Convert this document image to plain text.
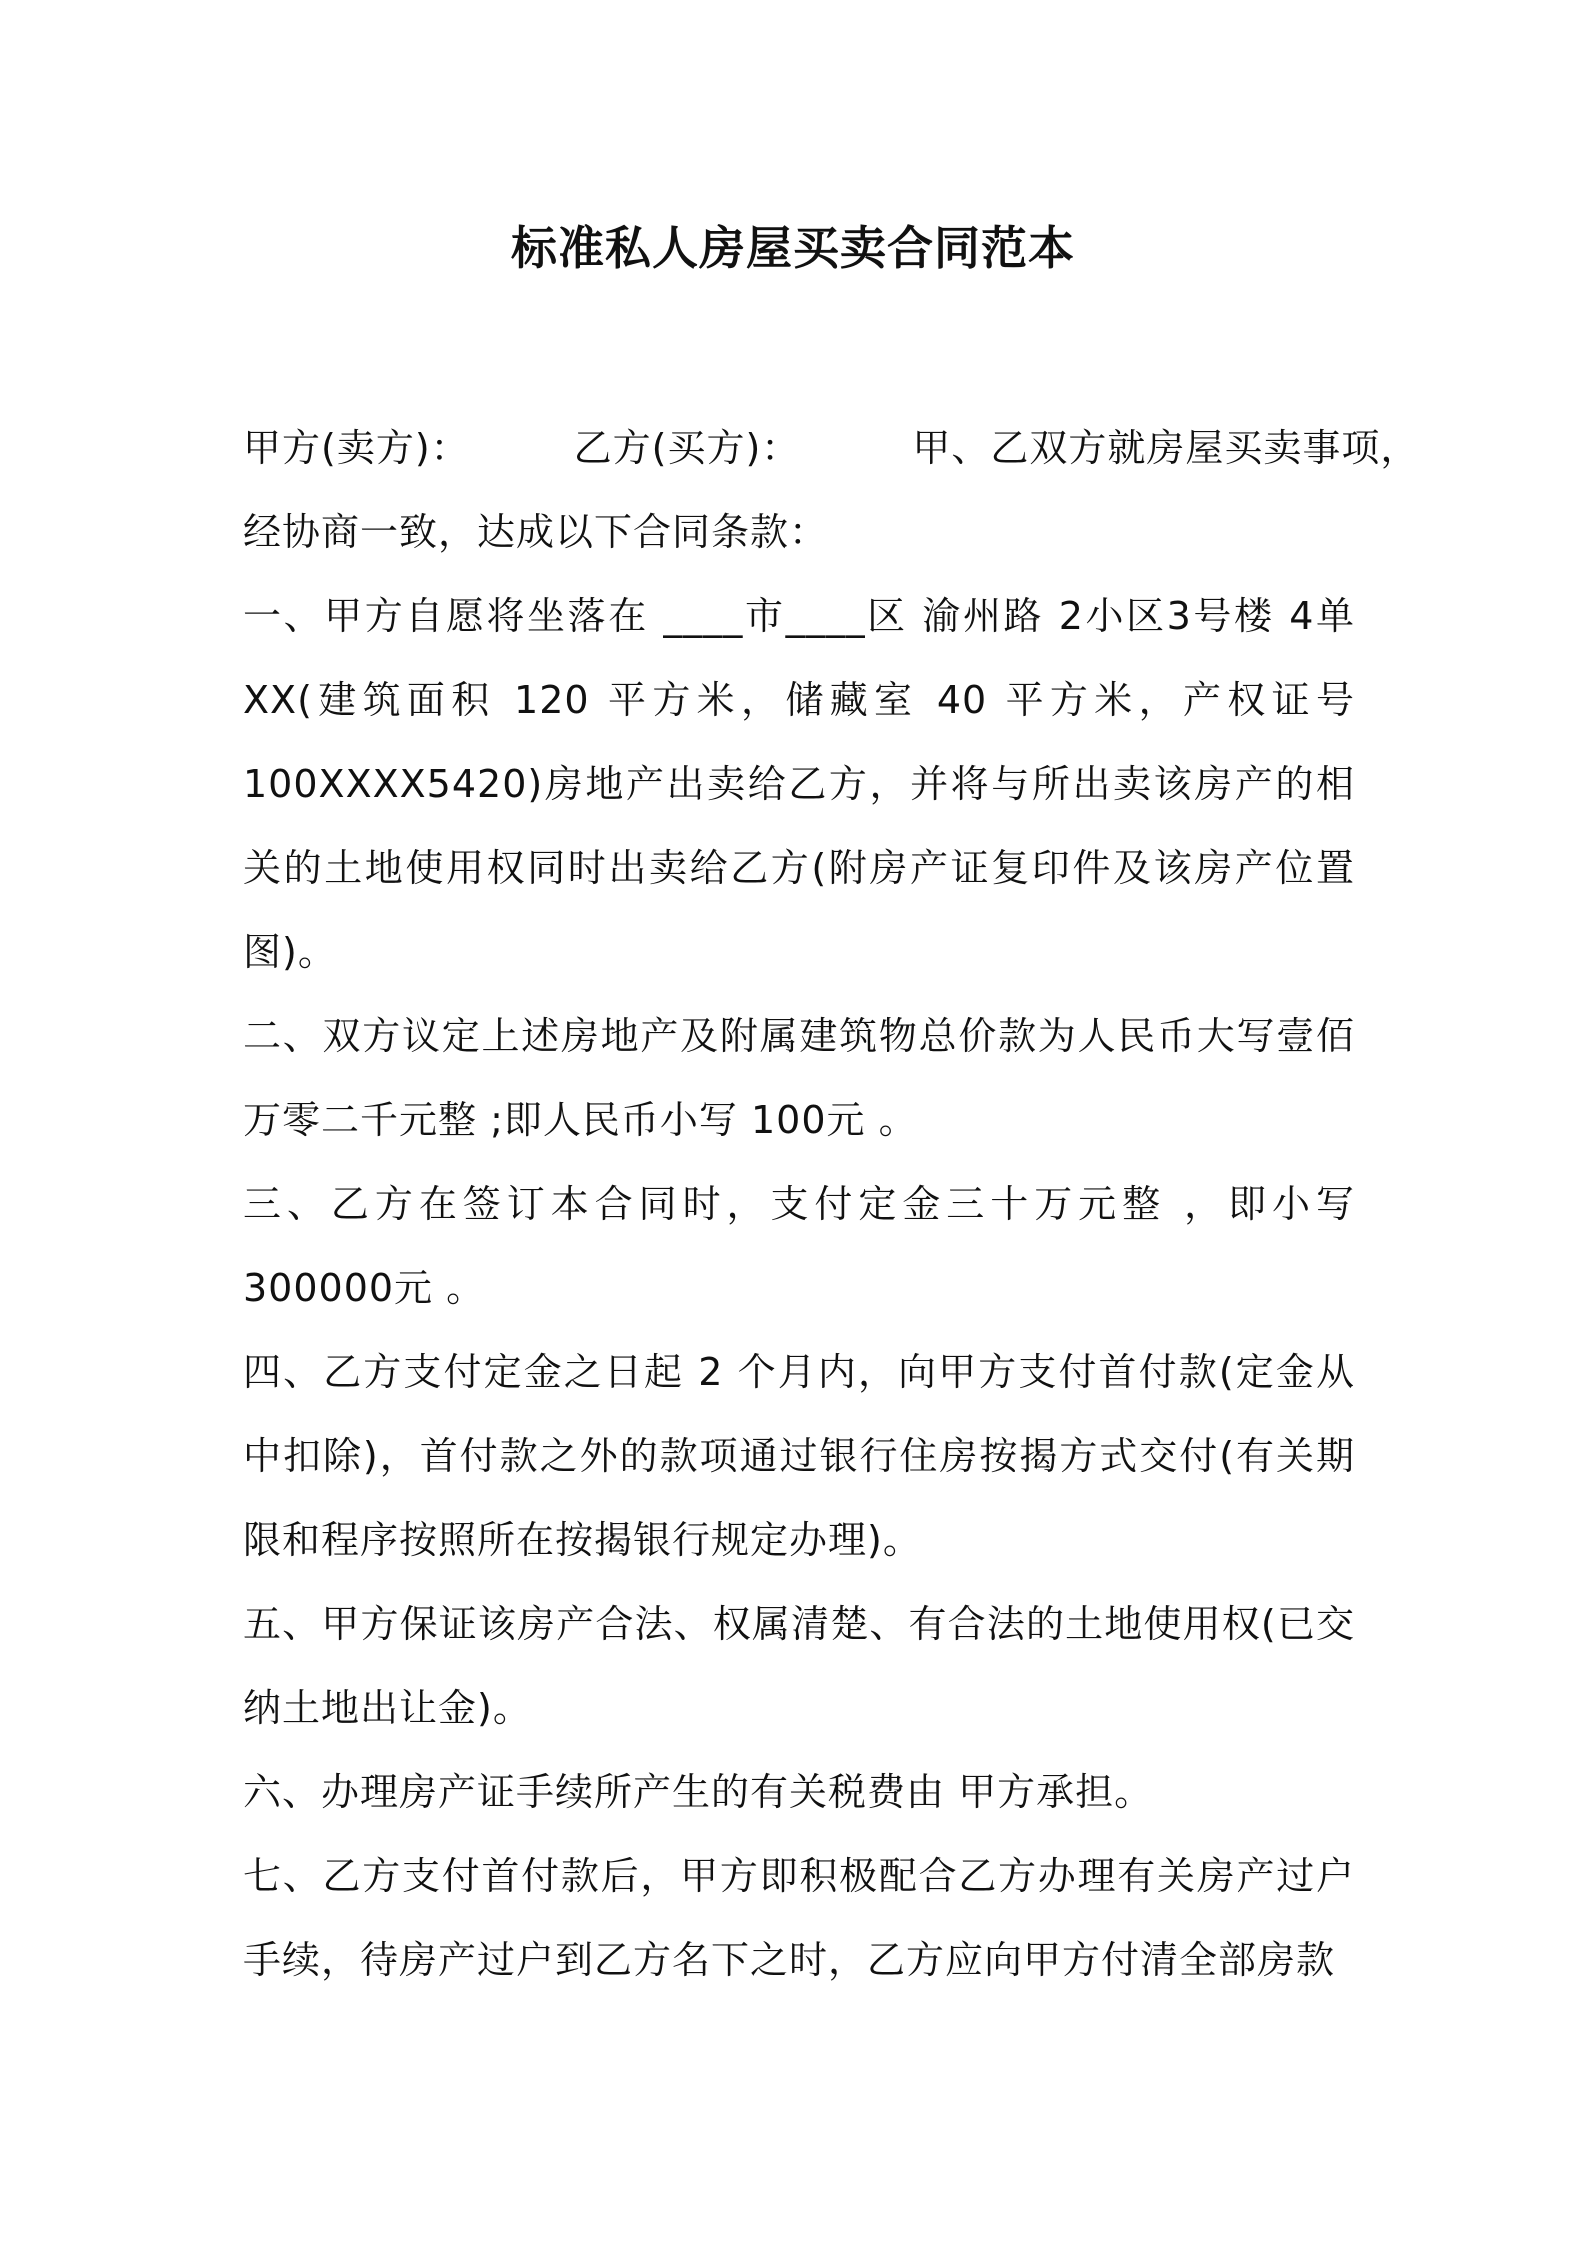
标准私人房屋买卖合同范本
甲方(卖方)：	乙方(买方)：	甲、乙双方就房屋买卖事项，
经协商一致，达成以下合同条款：
一、甲方自愿将坐落在 ____市____区 渝州路 2小区3号楼 4单 XX(建筑面积 120 平方米，储藏室 40 平方米，产权证号 100XXXX5420)房地产出卖给乙方，并将与所出卖该房产的相关的土地使用权同时出卖给乙方(附房产证复印件及该房产位置图)。
二、双方议定上述房地产及附属建筑物总价款为人民币大写壹佰万零二千元整 ;即人民币小写 100元 。
三、乙方在签订本合同时，支付定金三十万元整 ，即小写 300000元 。
四、乙方支付定金之日起 2 个月内，向甲方支付首付款(定金从中扣除)，首付款之外的款项通过银行住房按揭方式交付(有关期限和程序按照所在按揭银行规定办理)。
五、甲方保证该房产合法、权属清楚、有合法的土地使用权(已交纳土地出让金)。
六、办理房产证手续所产生的有关税费由 甲方承担。
七、乙方支付首付款后，甲方即积极配合乙方办理有关房产过户手续，待房产过户到乙方名下之时，乙方应向甲方付清全部房款
